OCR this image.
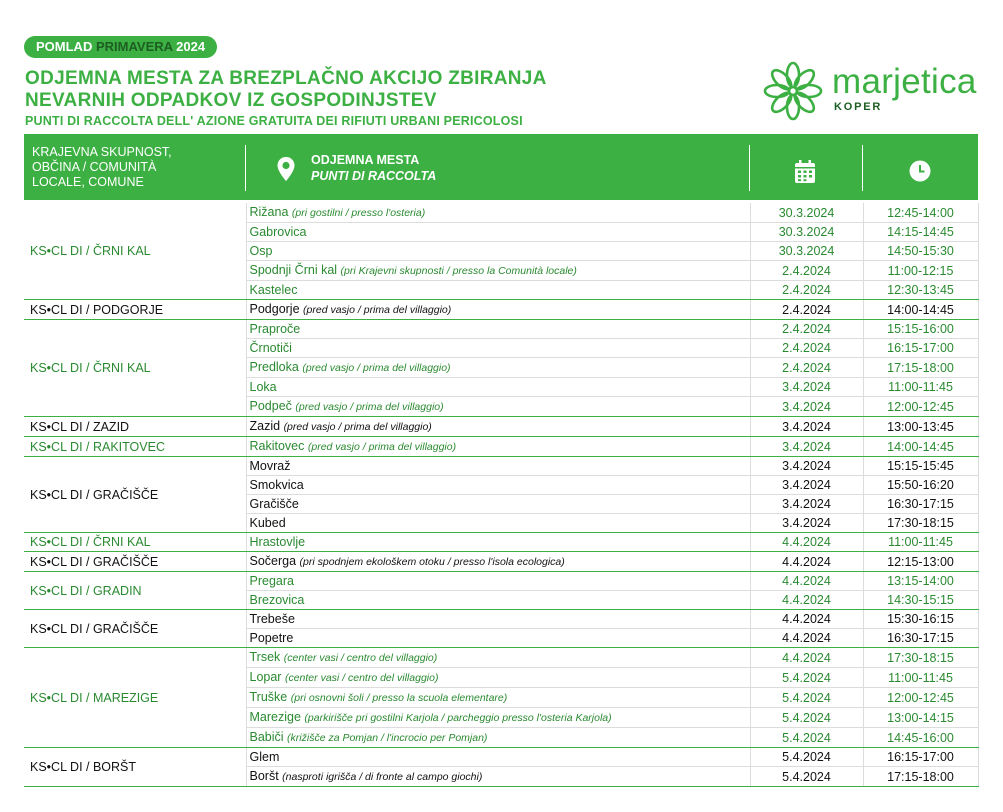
POMLAD PRIMAVERA 2024
ODJEMNA MESTA ZA BREZPLAČNO AKCIJO ZBIRANJA
NEVARNIH ODPADKOV IZ GOSPODINJSTEV
PUNTI DI RACCOLTA DELL' AZIONE GRATUITA DEI RIFIUTI URBANI PERICOLOSI
marjetica
KOPER
KRAJEVNA SKUPNOST,
OBČINA / COMUNITÀ
LOCALE, COMUNE
ODJEMNA MESTA
PUNTI DI RACCOLTA
KS•CL DI / ČRNI KAL	Rižana (pri gostilni / presso l'osteria)	30.3.2024	12:45-14:00
	Gabrovica	30.3.2024	14:15-14:45
	Osp	30.3.2024	14:50-15:30
	Spodnji Črni kal (pri Krajevni skupnosti / presso la Comunità locale)	2.4.2024	11:00-12:15
	Kastelec	2.4.2024	12:30-13:45
KS•CL DI / PODGORJE	Podgorje (pred vasjo / prima del villaggio)	2.4.2024	14:00-14:45
KS•CL DI / ČRNI KAL	Praproče	2.4.2024	15:15-16:00
	Črnotiči	2.4.2024	16:15-17:00
	Predloka (pred vasjo / prima del villaggio)	2.4.2024	17:15-18:00
	Loka	3.4.2024	11:00-11:45
	Podpeč (pred vasjo / prima del villaggio)	3.4.2024	12:00-12:45
KS•CL DI / ZAZID	Zazid (pred vasjo / prima del villaggio)	3.4.2024	13:00-13:45
KS•CL DI / RAKITOVEC	Rakitovec (pred vasjo / prima del villaggio)	3.4.2024	14:00-14:45
KS•CL DI / GRAČIŠČE	Movraž	3.4.2024	15:15-15:45
	Smokvica	3.4.2024	15:50-16:20
	Gračišče	3.4.2024	16:30-17:15
	Kubed	3.4.2024	17:30-18:15
KS•CL DI / ČRNI KAL	Hrastovlje	4.4.2024	11:00-11:45
KS•CL DI / GRAČIŠČE	Sočerga (pri spodnjem ekološkem otoku / presso l'isola ecologica)	4.4.2024	12:15-13:00
KS•CL DI / GRADIN	Pregara	4.4.2024	13:15-14:00
	Brezovica	4.4.2024	14:30-15:15
KS•CL DI / GRAČIŠČE	Trebeše	4.4.2024	15:30-16:15
	Popetre	4.4.2024	16:30-17:15
KS•CL DI / MAREZIGE	Trsek (center vasi / centro del villaggio)	4.4.2024	17:30-18:15
	Lopar (center vasi / centro del villaggio)	5.4.2024	11:00-11:45
	Truške (pri osnovni šoli / presso la scuola elementare)	5.4.2024	12:00-12:45
	Marezige (parkirišče pri gostilni Karjola / parcheggio presso l'osteria Karjola)	5.4.2024	13:00-14:15
	Babiči (križišče za Pomjan / l'incrocio per Pomjan)	5.4.2024	14:45-16:00
KS•CL DI / BORŠT	Glem	5.4.2024	16:15-17:00
	Boršt (nasproti igrišča / di fronte al campo giochi)	5.4.2024	17:15-18:00
